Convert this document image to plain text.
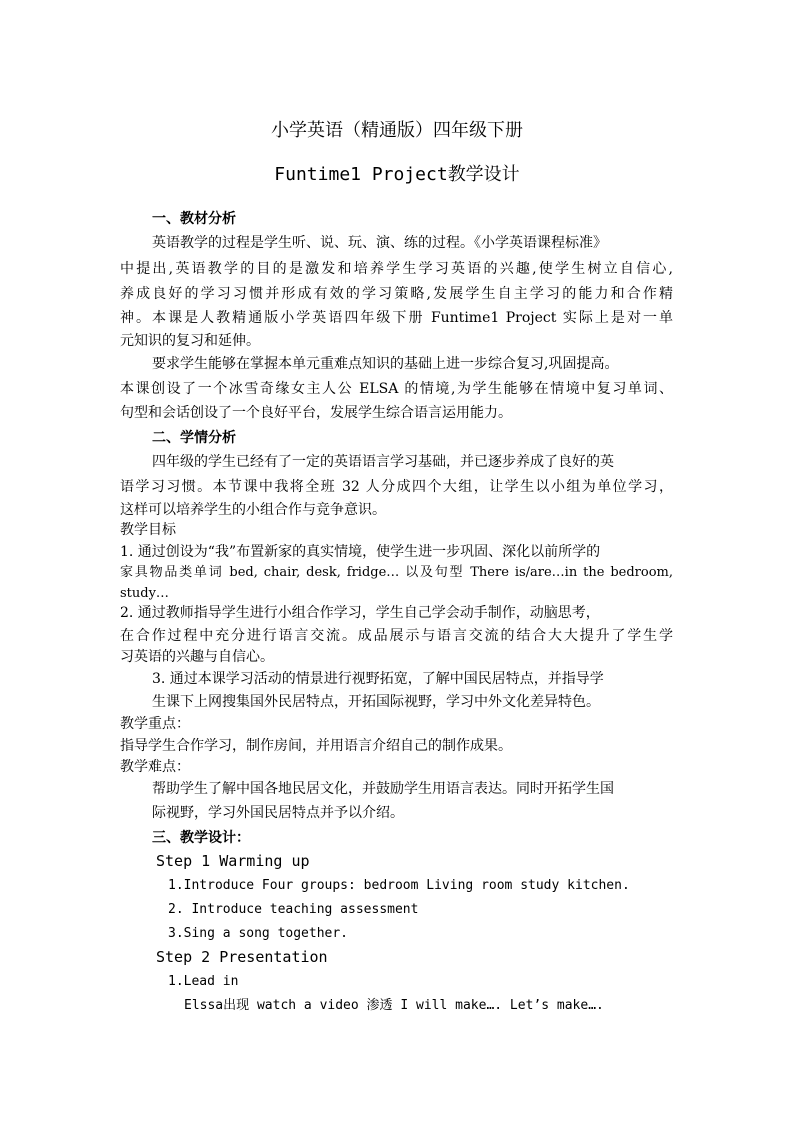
小学英语（精通版）四年级下册
Funtime1 Project教学设计
一、教材分析
英语教学的过程是学生听、说、玩、演、练的过程。《小学英语课程标准》
中提出,英语教学的目的是激发和培养学生学习英语的兴趣,使学生树立自信心,
养成良好的学习习惯并形成有效的学习策略,发展学生自主学习的能力和合作精
神。本课是人教精通版小学英语四年级下册 Funtime1 Project 实际上是对一单
元知识的复习和延伸。
要求学生能够在掌握本单元重难点知识的基础上进一步综合复习,巩固提高。
本课创设了一个冰雪奇缘女主人公 ELSA 的情境,为学生能够在情境中复习单词、
句型和会话创设了一个良好平台，发展学生综合语言运用能力。
二、学情分析
四年级的学生已经有了一定的英语语言学习基础，并已逐步养成了良好的英
语学习习惯。本节课中我将全班 32 人分成四个大组，让学生以小组为单位学习，
这样可以培养学生的小组合作与竞争意识。
教学目标
1. 通过创设为“我”布置新家的真实情境，使学生进一步巩固、深化以前所学的
家具物品类单词 bed, chair, desk, fridge… 以及句型 There is/are…in the bedroom,
study…
2. 通过教师指导学生进行小组合作学习，学生自己学会动手制作，动脑思考，
在合作过程中充分进行语言交流。成品展示与语言交流的结合大大提升了学生学
习英语的兴趣与自信心。
3. 通过本课学习活动的情景进行视野拓宽，了解中国民居特点，并指导学
生课下上网搜集国外民居特点，开拓国际视野，学习中外文化差异特色。
教学重点：
指导学生合作学习，制作房间，并用语言介绍自己的制作成果。
教学难点：
帮助学生了解中国各地民居文化，并鼓励学生用语言表达。同时开拓学生国
际视野，学习外国民居特点并予以介绍。
三、教学设计：
Step 1 Warming up
1.Introduce Four groups: bedroom Living room study kitchen.
2. Introduce teaching assessment
3.Sing a song together.
Step 2 Presentation
1.Lead in
Elssa出现 watch a video 渗透 I will make…. Let’s make….
